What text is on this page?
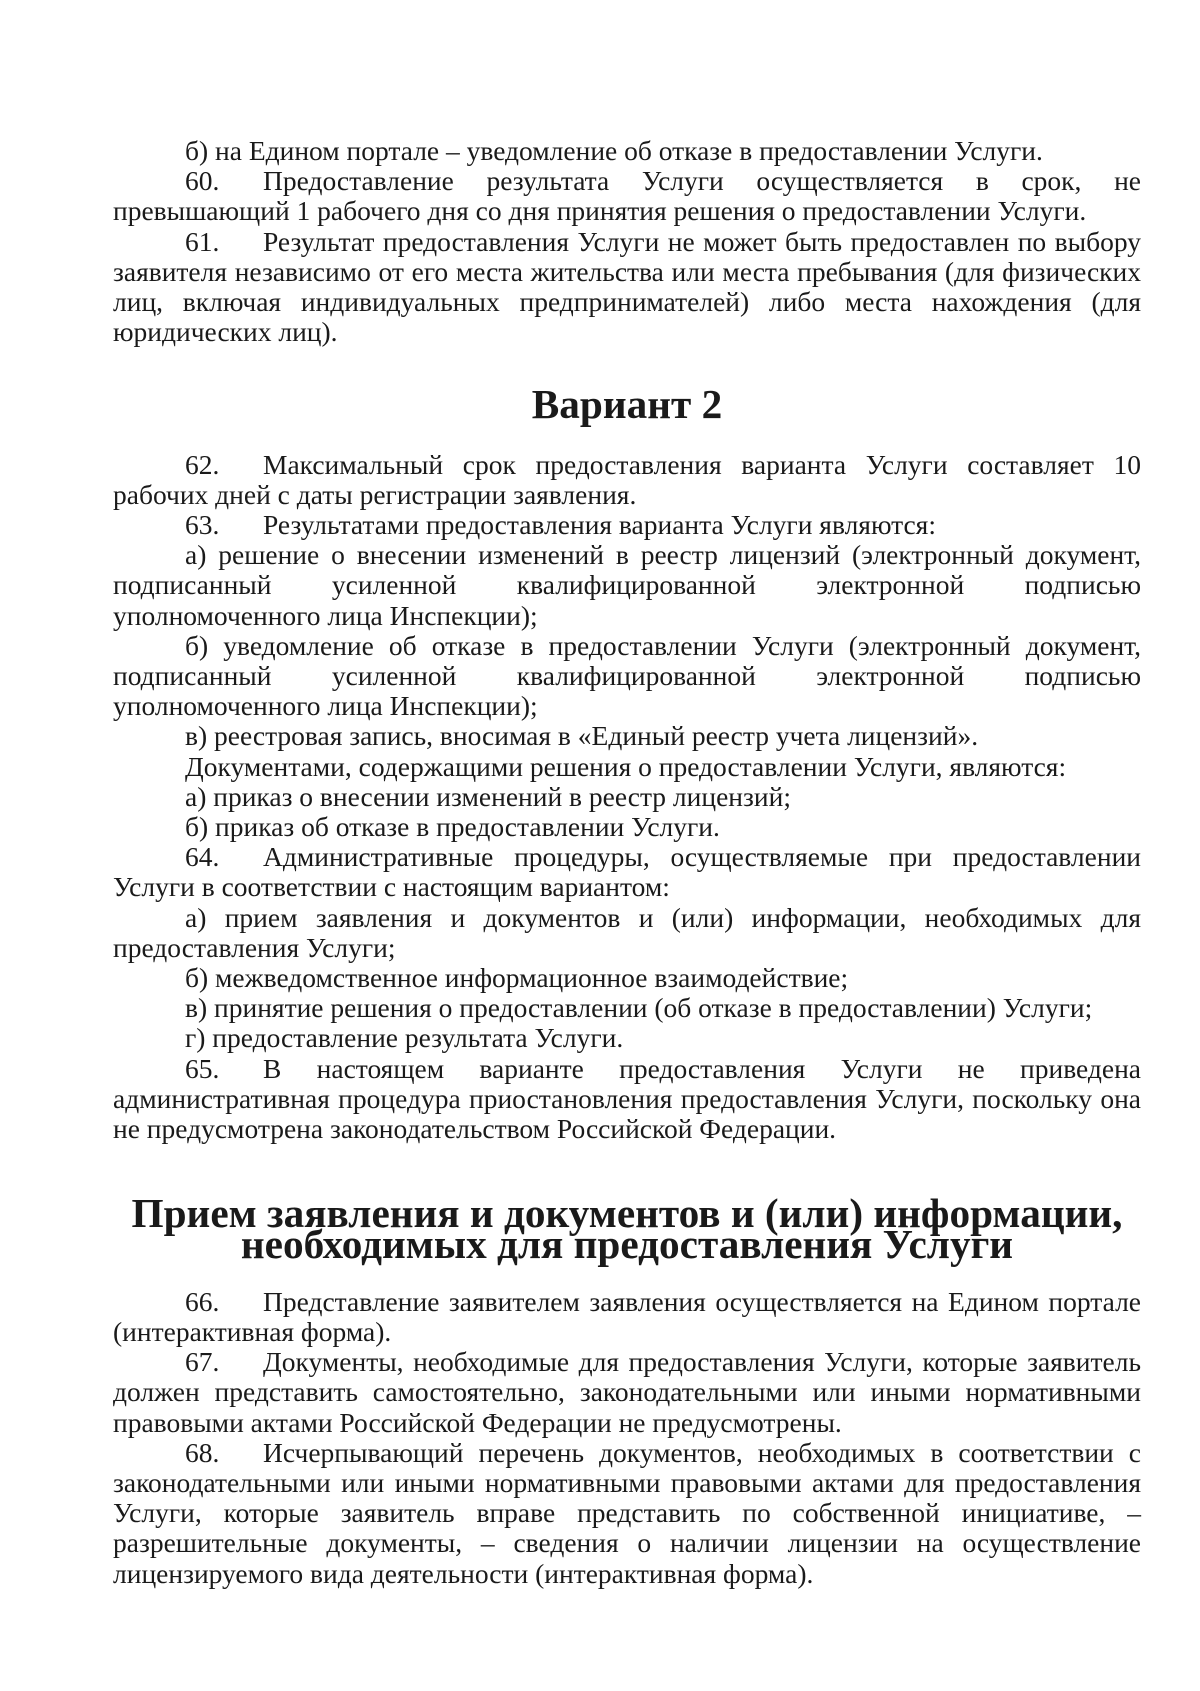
б) на Едином портале – уведомление об отказе в предоставлении Услуги.

60. Предоставление результата Услуги осуществляется в срок, не превышающий 1 рабочего дня со дня принятия решения о предоставлении Услуги.

61. Результат предоставления Услуги не может быть предоставлен по выбору заявителя независимо от его места жительства или места пребывания (для физических лиц, включая индивидуальных предприниматeлей) либо места нахождения (для юридических лиц).

Вариант 2

62. Максимальный срок предоставления варианта Услуги составляет 10 рабочих дней с даты регистрации заявления.

63. Результатами предоставления варианта Услуги являются:

а) решение о внесении изменений в реестр лицензий (электронный документ, подписанный усиленной квалифицированной электронной подписью уполномоченного лица Инспекции);

б) уведомление об отказе в предоставлении Услуги (электронный документ, подписанный усиленной квалифицированной электронной подписью уполномоченного лица Инспекции);

в) реестровая запись, вносимая в «Единый реестр учета лицензий».

Документами, содержащими решения о предоставлении Услуги, являются:

а) приказ о внесении изменений в реестр лицензий;

б) приказ об отказе в предоставлении Услуги.

64. Административные процедуры, осуществляемые при предоставлении Услуги в соответствии с настоящим вариантом:

а) прием заявления и документов и (или) информации, необходимых для предоставления Услуги;

б) межведомственное информационное взаимодействие;

в) принятие решения о предоставлении (об отказе в предоставлении) Услуги;

г) предоставление результата Услуги.

65. В настоящем варианте предоставления Услуги не приведена административная процедура приостановления предоставления Услуги, поскольку она не предусмотрена законодательством Российской Федерации.

Прием заявления и документов и (или) информации, необходимых для предоставления Услуги

66. Представление заявителем заявления осуществляется на Едином портале (интерактивная форма).

67. Документы, необходимые для предоставления Услуги, которые заявитель должен представить самостоятельно, законодательными или иными нормативными правовыми актами Российской Федерации не предусмотрены.

68. Исчерпывающий перечень документов, необходимых в соответствии с законодательными или иными нормативными правовыми актами для предоставления Услуги, которые заявитель вправе представить по собственной инициативе, – разрешительные документы, – сведения о наличии лицензии на осуществление лицензируемого вида деятельности (интерактивная форма).
